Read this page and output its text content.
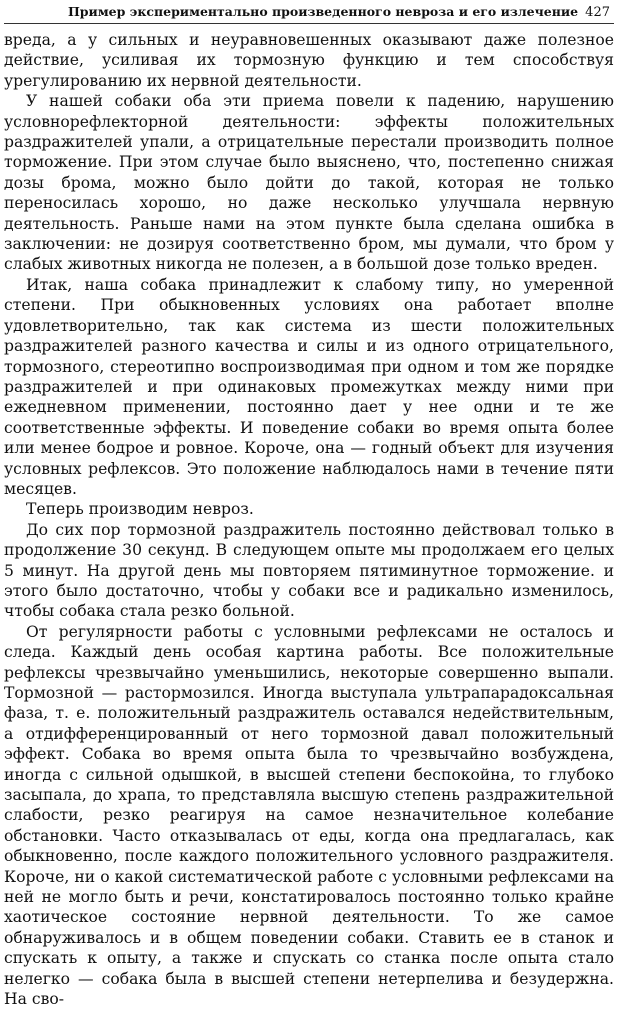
Пример экспериментально произведенного невроза и его излечение 427

вреда, а у сильных и неуравновешенных оказывают даже полезное действие, усиливая их тормозную функцию и тем способствуя урегулированию их нервной деятельности.

У нашей собаки оба эти приема повели к падению, нарушению условнорефлекторной деятельности: эффекты положительных раздражителей упали, а отрицательные перестали производить полное торможение. При этом случае было выяснено, что, постепенно снижая дозы брома, можно было дойти до такой, которая не только переносилась хорошо, но даже несколько улучшала нервную деятельность. Раньше нами на этом пункте была сделана ошибка в заключении: не дозируя соответственно бром, мы думали, что бром у слабых животных никогда не полезен, а в большой дозе только вреден.

Итак, наша собака принадлежит к слабому типу, но умеренной степени. При обыкновенных условиях она работает вполне удовлетворительно, так как система из шести положительных раздражителей разного качества и силы и из одного отрицательного, тормозного, стереотипно воспроизводимая при одном и том же порядке раздражителей и при одинаковых промежутках между ними при ежедневном применении, постоянно дает у нее одни и те же соответственные эффекты. И поведение собаки во время опыта более или менее бодрое и ровное. Короче, она — годный объект для изучения условных рефлексов. Это положение наблюдалось нами в течение пяти месяцев.

Теперь производим невроз.

До сих пор тормозной раздражитель постоянно действовал только в продолжение 30 секунд. В следующем опыте мы продолжаем его целых 5 минут. На другой день мы повторяем пятиминутное торможение. и этого было достаточно, чтобы у собаки все и радикально изменилось, чтобы собака стала резко больной.

От регулярности работы с условными рефлексами не осталось и следа. Каждый день особая картина работы. Все положительные рефлексы чрезвычайно уменьшились, некоторые совершенно выпали. Тормозной — растормозился. Иногда выступала ультрапарадоксальная фаза, т. е. положительный раздражитель оставался недействительным, а отдифференцированный от него тормозной давал положительный эффект. Собака во время опыта была то чрезвычайно возбуждена, иногда с сильной одышкой, в высшей степени беспокойна, то глубоко засыпала, до храпа, то представляла высшую степень раздражительной слабости, резко реагируя на самое незначительное колебание обстановки. Часто отказывалась от еды, когда она предлагалась, как обыкновенно, после каждого положительного условного раздражителя. Короче, ни о какой систематической работе с условными рефлексами на ней не могло быть и речи, констатировалось постоянно только крайне хаотическое состояние нервной деятельности. То же самое обнаруживалось и в общем поведении собаки. Ставить ее в станок и спускать к опыту, а также и спускать со станка после опыта стало нелегко — собака была в высшей степени нетерпелива и безудержна. На сво-
